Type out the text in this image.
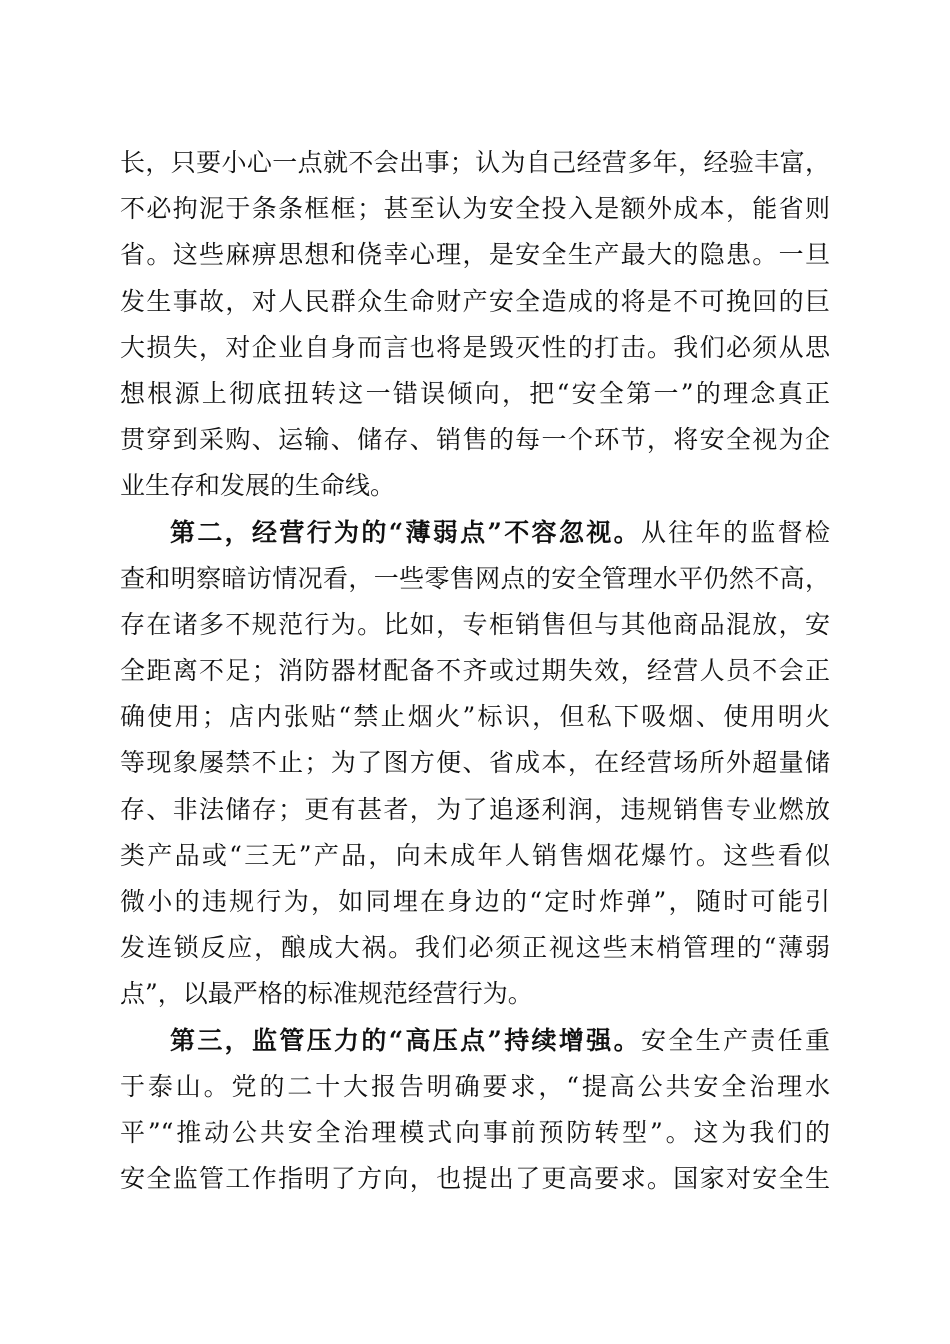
长，只要小心一点就不会出事；认为自己经营多年，经验丰富，
不必拘泥于条条框框；甚至认为安全投入是额外成本，能省则
省。这些麻痹思想和侥幸心理，是安全生产最大的隐患。一旦
发生事故，对人民群众生命财产安全造成的将是不可挽回的巨
大损失，对企业自身而言也将是毁灭性的打击。我们必须从思
想根源上彻底扭转这一错误倾向，把“安全第一”的理念真正
贯穿到采购、运输、储存、销售的每一个环节，将安全视为企
业生存和发展的生命线。
第二，经营行为的“薄弱点”不容忽视。从往年的监督检
查和明察暗访情况看，一些零售网点的安全管理水平仍然不高，
存在诸多不规范行为。比如，专柜销售但与其他商品混放，安
全距离不足；消防器材配备不齐或过期失效，经营人员不会正
确使用；店内张贴“禁止烟火”标识，但私下吸烟、使用明火
等现象屡禁不止；为了图方便、省成本，在经营场所外超量储
存、非法储存；更有甚者，为了追逐利润，违规销售专业燃放
类产品或“三无”产品，向未成年人销售烟花爆竹。这些看似
微小的违规行为，如同埋在身边的“定时炸弹”，随时可能引
发连锁反应，酿成大祸。我们必须正视这些末梢管理的“薄弱
点”，以最严格的标准规范经营行为。
第三，监管压力的“高压点”持续增强。安全生产责任重
于泰山。党的二十大报告明确要求，“提高公共安全治理水
平”“推动公共安全治理模式向事前预防转型”。这为我们的
安全监管工作指明了方向，也提出了更高要求。国家对安全生
